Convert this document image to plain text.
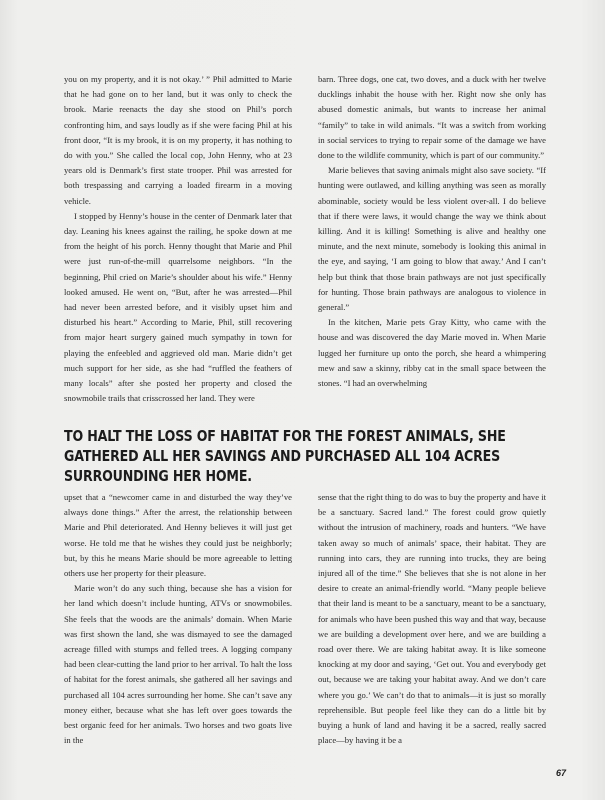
you on my property, and it is not okay.’ ” Phil admitted to Marie that he had gone on to her land, but it was only to check the brook. Marie reenacts the day she stood on Phil’s porch confronting him, and says loudly as if she were facing Phil at his front door, “It is my brook, it is on my property, it has nothing to do with you.” She called the local cop, John Henny, who at 23 years old is Denmark’s first state trooper. Phil was arrested for both trespassing and carrying a loaded firearm in a moving vehicle.

I stopped by Henny’s house in the center of Denmark later that day. Leaning his knees against the railing, he spoke down at me from the height of his porch. Henny thought that Marie and Phil were just run-of-the-mill quarrelsome neighbors. “In the beginning, Phil cried on Marie’s shoulder about his wife.” Henny looked amused. He went on, “But, after he was arrested—Phil had never been arrested before, and it visibly upset him and disturbed his heart.” According to Marie, Phil, still recovering from major heart surgery gained much sympathy in town for playing the enfeebled and aggrieved old man. Marie didn’t get much support for her side, as she had “ruffled the feathers of many locals” after she posted her property and closed the snowmobile trails that crisscrossed her land. They were

barn. Three dogs, one cat, two doves, and a duck with her twelve ducklings inhabit the house with her. Right now she only has abused domestic animals, but wants to increase her animal “family” to take in wild animals. “It was a switch from working in social services to trying to repair some of the damage we have done to the wildlife community, which is part of our community.”

Marie believes that saving animals might also save society. “If hunting were outlawed, and killing anything was seen as morally abominable, society would be less violent over-all. I do believe that if there were laws, it would change the way we think about killing. And it is killing! Something is alive and healthy one minute, and the next minute, somebody is looking this animal in the eye, and saying, ‘I am going to blow that away.’ And I can’t help but think that those brain pathways are not just specifically for hunting. Those brain pathways are analogous to violence in general.”

In the kitchen, Marie pets Gray Kitty, who came with the house and was discovered the day Marie moved in. When Marie lugged her furniture up onto the porch, she heard a whimpering mew and saw a skinny, ribby cat in the small space between the stones. “I had an overwhelming

TO HALT THE LOSS OF HABITAT FOR THE FOREST ANIMALS, SHE GATHERED ALL HER SAVINGS AND PURCHASED ALL 104 ACRES SURROUNDING HER HOME.

upset that a “newcomer came in and disturbed the way they’ve always done things.” After the arrest, the relationship between Marie and Phil deteriorated. And Henny believes it will just get worse. He told me that he wishes they could just be neighborly; but, by this he means Marie should be more agreeable to letting others use her property for their pleasure.

Marie won’t do any such thing, because she has a vision for her land which doesn’t include hunting, ATVs or snowmobiles. She feels that the woods are the animals’ domain. When Marie was first shown the land, she was dismayed to see the damaged acreage filled with stumps and felled trees. A logging company had been clear-cutting the land prior to her arrival. To halt the loss of habitat for the forest animals, she gathered all her savings and purchased all 104 acres surrounding her home. She can’t save any money either, because what she has left over goes towards the best organic feed for her animals. Two horses and two goats live in the

sense that the right thing to do was to buy the property and have it be a sanctuary. Sacred land.” The forest could grow quietly without the intrusion of machinery, roads and hunters. “We have taken away so much of animals’ space, their habitat. They are running into cars, they are running into trucks, they are being injured all of the time.” She believes that she is not alone in her desire to create an animal-friendly world. “Many people believe that their land is meant to be a sanctuary, meant to be a sanctuary, for animals who have been pushed this way and that way, because we are building a development over here, and we are building a road over there. We are taking habitat away. It is like someone knocking at my door and saying, ‘Get out. You and everybody get out, because we are taking your habitat away. And we don’t care where you go.’ We can’t do that to animals—it is just so morally reprehensible. But people feel like they can do a little bit by buying a hunk of land and having it be a sacred, really sacred place—by having it be a

67
